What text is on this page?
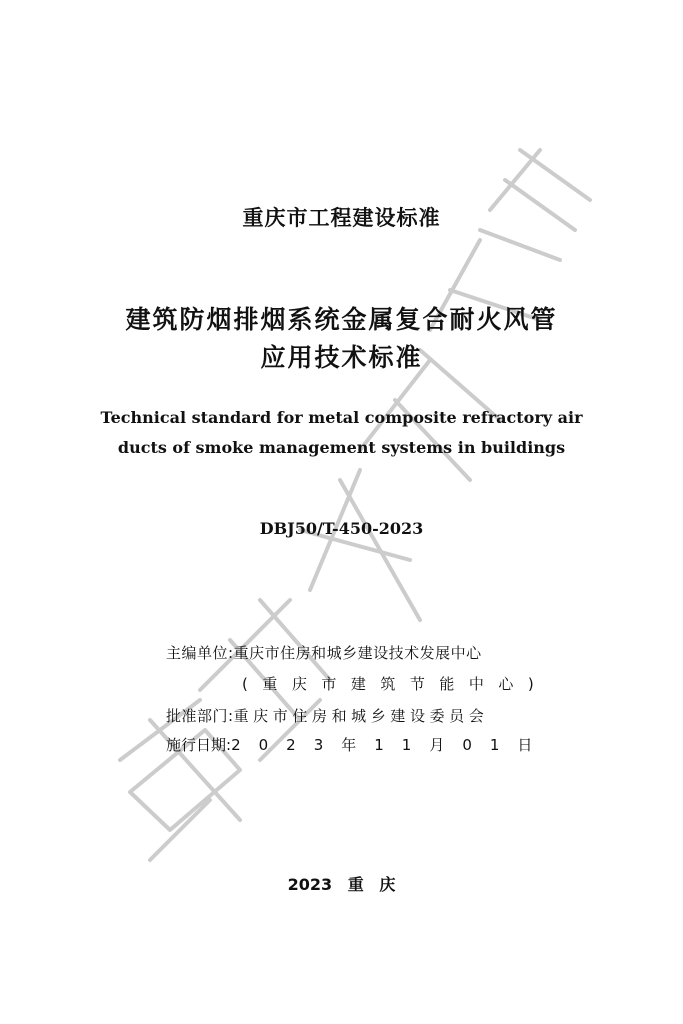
重庆市工程建设标准
建筑防烟排烟系统金属复合耐火风管
应用技术标准
Technical standard for metal composite refractory air
ducts of smoke management systems in buildings
DBJ50/T-450-2023
主编单位:重庆市住房和城乡建设技术发展中心
(重庆市建筑节能中心)
批准部门:重庆市住房和城乡建设委员会
施行日期:2023年11月01日
2023 重 庆
